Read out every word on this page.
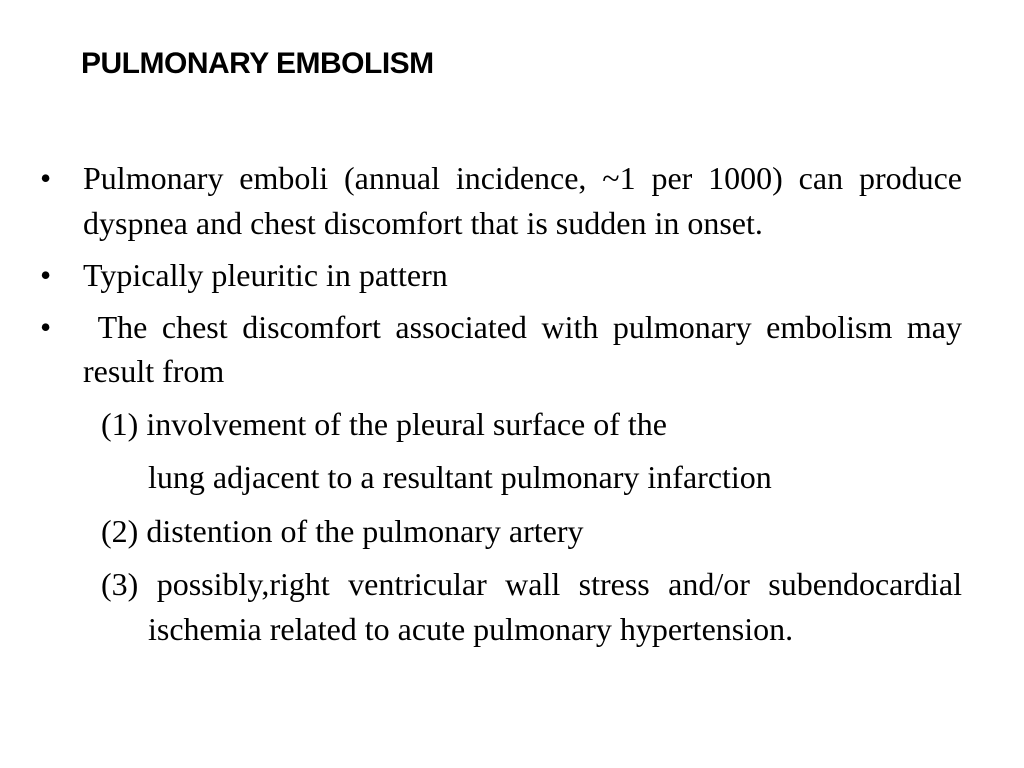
PULMONARY EMBOLISM
• Pulmonary emboli (annual incidence, ~1 per 1000) can produce dyspnea and chest discomfort that is sudden in onset.
• Typically pleuritic in pattern
• The chest discomfort associated with pulmonary embolism may result from
(1) involvement of the pleural surface of the
lung adjacent to a resultant pulmonary infarction
(2) distention of the pulmonary artery
(3) possibly,right ventricular wall stress and/or subendocardial ischemia related to acute pulmonary hypertension.
